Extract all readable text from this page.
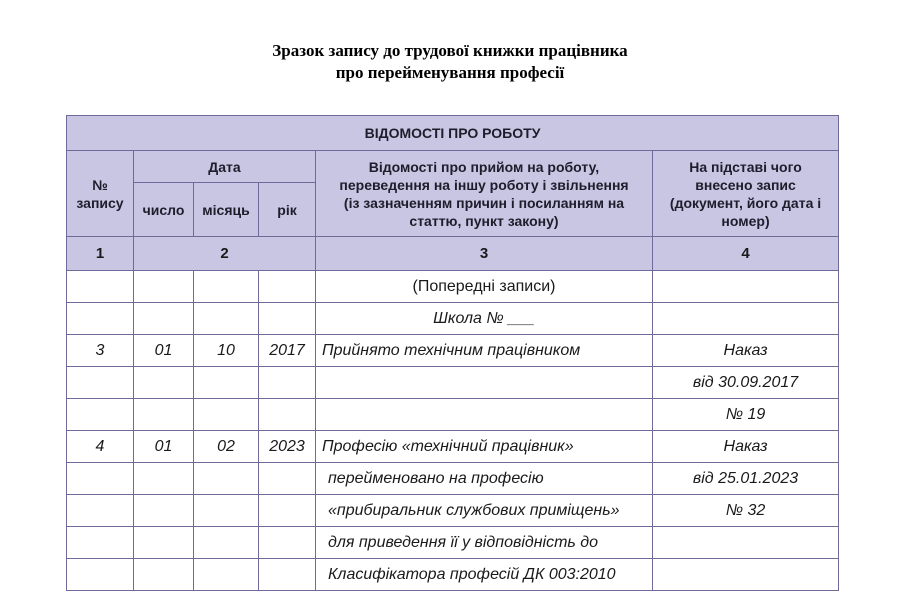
Зразок запису до трудової книжки працівника
про перейменування професії
ВІДОМОСТІ ПРО РОБОТУ					
№ запису	Дата			Відомості про прийом на роботу, переведення на іншу роботу і звільнення (із зазначенням причин і посиланням на статтю, пункт закону)	На підставі чого внесено запис (документ, його дата і номер)
	число	місяць	рік		
1	2			3	4
				(Попередні записи)	
				Школа № ___	
3	01	10	2017	Прийнято технічним працівником	Наказ
					від 30.09.2017
					№ 19
4	01	02	2023	Професію «технічний працівник»	Наказ
				перейменовано на професію	від 25.01.2023
				«прибиральник службових приміщень»	№ 32
				для приведення її у відповідність до	
				Класифікатора професій ДК 003:2010	
